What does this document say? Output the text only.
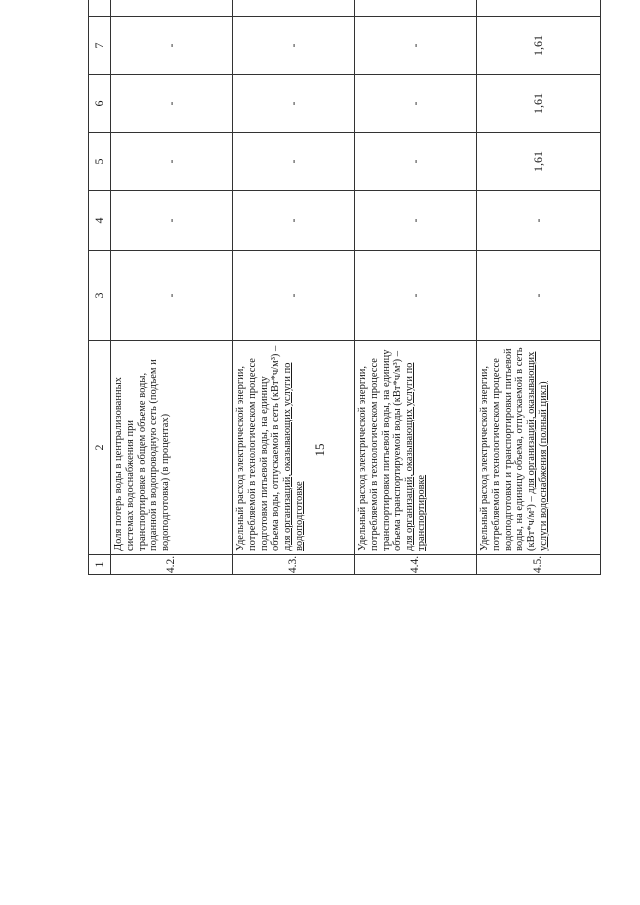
15
1	2	3	4	5	6	7			
4.2.	Доля потерь воды в централизованных системах водоснабжения при транспортировке в общем объеме воды, поданной в водопроводную сеть (подъем и водоподготовка) (в процентах)	-	-	-	-	-			
4.3.	Удельный расход электрической энергии, потребляемой в технологическом процессе подготовки питьевой воды, на единицу объема воды, отпускаемой в сеть (кВт*ч/м³) – для организаций, оказывающих услуги по водоподготовке	-	-	-	-	-			
4.4.	Удельный расход электрической энергии, потребляемой в технологическом процессе транспортировки питьевой воды, на единицу объема транспортируемой воды (кВт*ч/м³) – для организаций, оказывающих услуги по транспортировке	-	-	-	-	-			
4.5.	Удельный расход электрической энергии, потребляемой в технологическом процессе водоподготовки и транспортировки питьевой воды, на единицу объема, отпускаемой в сеть (кВт*ч/м³) – для организаций, оказывающих услуги водоснабжения (полный цикл)	-	-	1,61	1,61	1,61			
